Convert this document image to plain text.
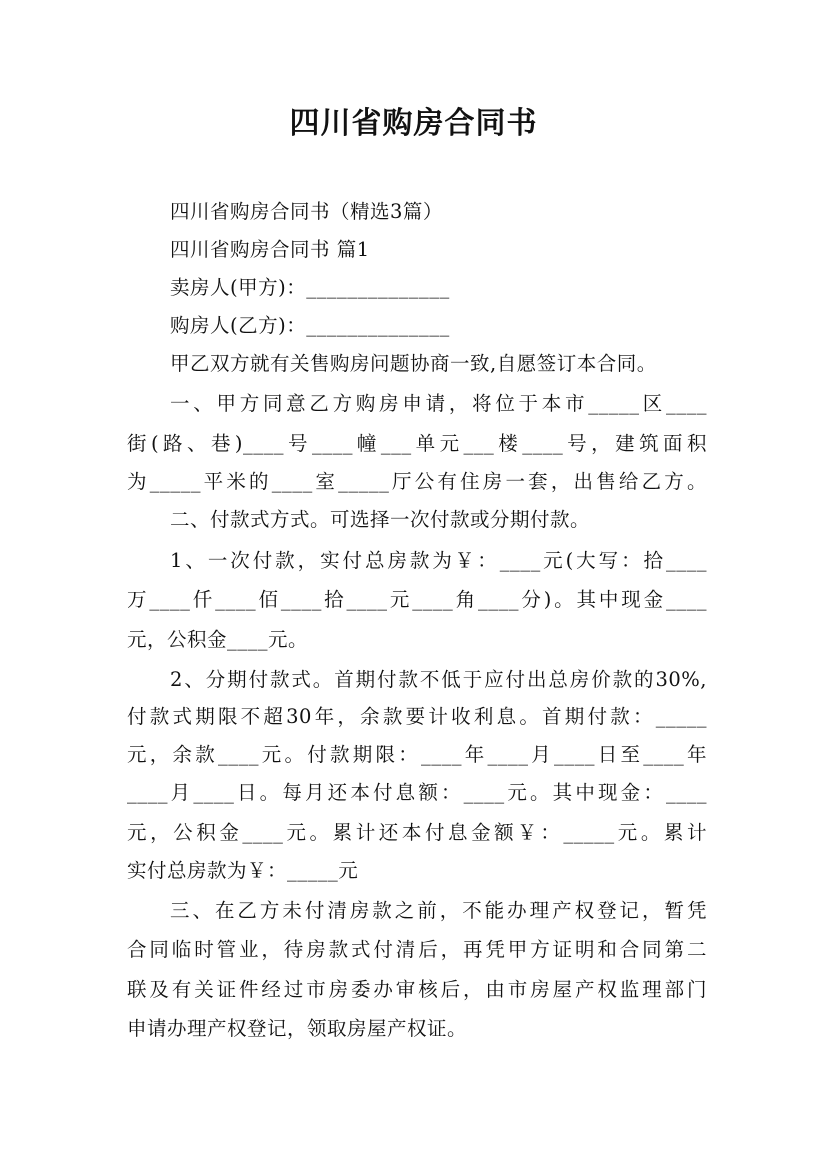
四川省购房合同书
四川省购房合同书（精选3篇）
四川省购房合同书 篇1
卖房人(甲方)：______________
购房人(乙方)：______________
甲乙双方就有关售购房问题协商一致,自愿签订本合同。
一、甲方同意乙方购房申请，将位于本市_____区____
街(路、巷)____号____幢___单元___楼____号，建筑面积
为_____平米的____室_____厅公有住房一套，出售给乙方。
二、付款式方式。可选择一次付款或分期付款。
1、一次付款，实付总房款为￥：____元(大写：拾____
万____仟____佰____拾____元____角____分)。其中现金____
元，公积金____元。
2、分期付款式。首期付款不低于应付出总房价款的30%,
付款式期限不超30年，余款要计收利息。首期付款：_____
元，余款____元。付款期限：____年____月____日至____年
____月____日。每月还本付息额：____元。其中现金：____
元，公积金____元。累计还本付息金额￥：_____元。累计
实付总房款为￥：_____元
三、在乙方未付清房款之前，不能办理产权登记，暂凭
合同临时管业，待房款式付清后，再凭甲方证明和合同第二
联及有关证件经过市房委办审核后，由市房屋产权监理部门
申请办理产权登记，领取房屋产权证。
